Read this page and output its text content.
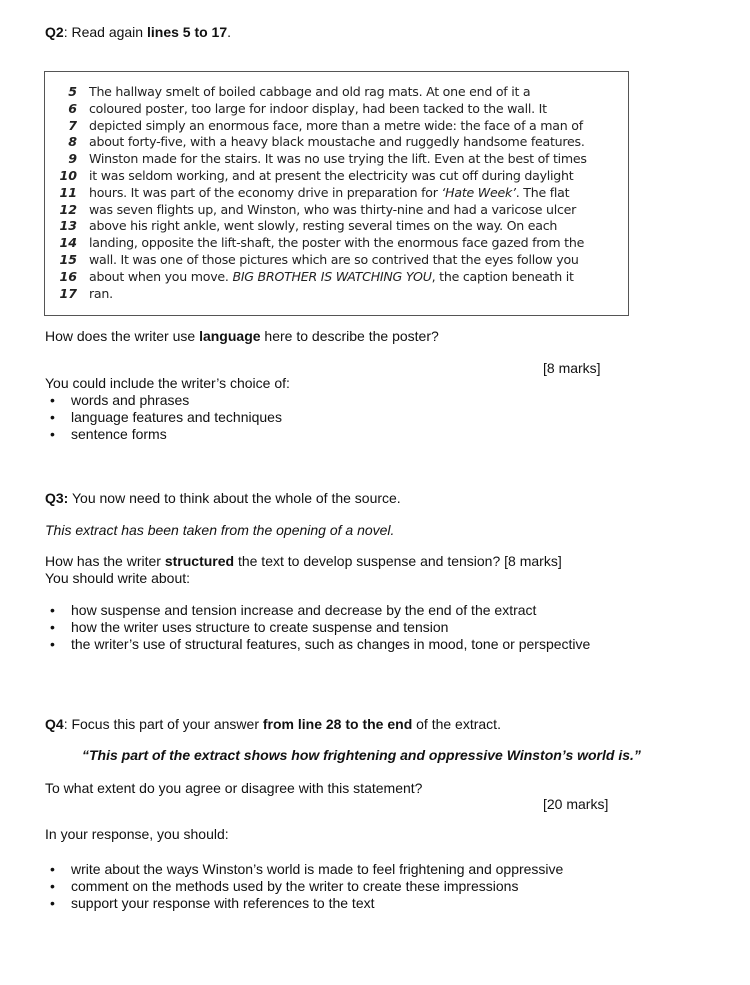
Q2: Read again lines 5 to 17.
5 The hallway smelt of boiled cabbage and old rag mats. At one end of it a
6 coloured poster, too large for indoor display, had been tacked to the wall. It
7 depicted simply an enormous face, more than a metre wide: the face of a man of
8 about forty-five, with a heavy black moustache and ruggedly handsome features.
9 Winston made for the stairs. It was no use trying the lift. Even at the best of times
10 it was seldom working, and at present the electricity was cut off during daylight
11 hours. It was part of the economy drive in preparation for ‘Hate Week’. The flat
12 was seven flights up, and Winston, who was thirty-nine and had a varicose ulcer
13 above his right ankle, went slowly, resting several times on the way. On each
14 landing, opposite the lift-shaft, the poster with the enormous face gazed from the
15 wall. It was one of those pictures which are so contrived that the eyes follow you
16 about when you move. BIG BROTHER IS WATCHING YOU, the caption beneath it
17 ran.
How does the writer use language here to describe the poster?
[8 marks]
You could include the writer’s choice of:
• words and phrases
• language features and techniques
• sentence forms
Q3: You now need to think about the whole of the source.
This extract has been taken from the opening of a novel.
How has the writer structured the text to develop suspense and tension? [8 marks]
You should write about:
• how suspense and tension increase and decrease by the end of the extract
• how the writer uses structure to create suspense and tension
• the writer’s use of structural features, such as changes in mood, tone or perspective
Q4: Focus this part of your answer from line 28 to the end of the extract.
“This part of the extract shows how frightening and oppressive Winston’s world is.”
To what extent do you agree or disagree with this statement?
[20 marks]
In your response, you should:
• write about the ways Winston’s world is made to feel frightening and oppressive
• comment on the methods used by the writer to create these impressions
• support your response with references to the text
